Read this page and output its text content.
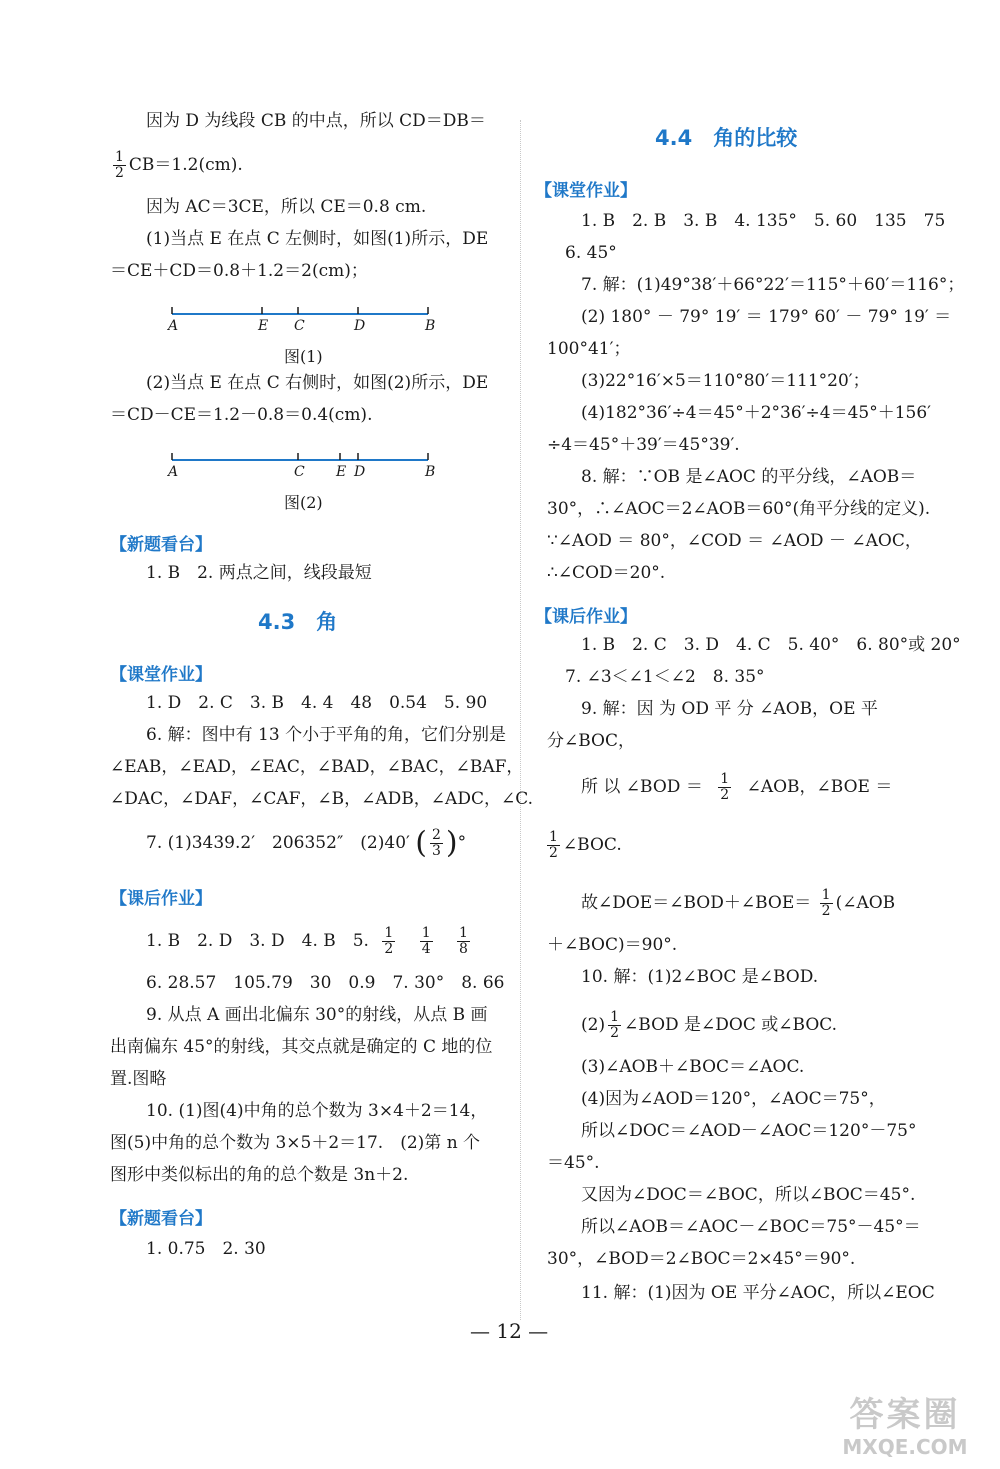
因为 D 为线段 CB 的中点，所以 CD＝DB＝
$\frac{1}{2} CB=1.2(cm)$.
因为 AC＝3CE，所以 CE＝0.8 cm.
(1)当点 E 在点 C 左侧时，如图(1)所示，DE
＝CE＋CD＝0.8＋1.2＝2(cm)；
A	E C	D	B
图(1)
(2)当点 E 在点 C 右侧时，如图(2)所示，DE
＝CD－CE＝1.2－0.8＝0.4(cm).
A	C E D	B
图(2)
【新题看台】
1. B　2. 两点之间，线段最短
4.3　角
【课堂作业】
1. D　2. C　3. B　4. 4　48　0.54　5. 90
6. 解：图中有 13 个小于平角的角，它们分别是
∠EAB，∠EAD，∠EAC，∠BAD，∠BAC，∠BAF，
∠DAC，∠DAF，∠CAF，∠B，∠ADB，∠ADC，∠C.
7. (1)3439.2′　206352″　(2)40′ ( $\frac{2}{3}$ )°
【课后作业】
1. B　2. D　3. D　4. B　5. $\frac{1}{2}$
$\frac{1}{4}$
$\frac{1}{8}$
6. 28.57　105.79　30　0.9　7. 30°　8. 66
9. 从点 A 画出北偏东 30°的射线，从点 B 画
出南偏东 45°的射线，其交点就是确定的 C 地的位
置.图略
10. (1)图(4)中角的总个数为 3×4＋2＝14，
图(5)中角的总个数为 3×5＋2＝17.　(2)第 n 个
图形中类似标出的角的总个数是 3n＋2.
【新题看台】
1. 0.75　2. 30
4.4　角的比较
【课堂作业】
1. B　2. B　3. B　4. 135°　5. 60　135　75
6. 45°
7. 解：(1)49°38′＋66°22′＝115°＋60′＝116°；
(2) 180° － 79° 19′ ＝ 179° 60′ － 79° 19′ ＝
100°41′；
(3)22°16′×5＝110°80′＝111°20′；
(4)182°36′÷4＝45°＋2°36′÷4＝45°＋156′
÷4＝45°＋39′＝45°39′.
8. 解：∵OB 是∠AOC 的平分线，∠AOB＝
30°，∴∠AOC＝2∠AOB＝60°(角平分线的定义).
∵∠AOD ＝ 80°，∠COD ＝ ∠AOD － ∠AOC，
∴∠COD＝20°.
【课后作业】
1. B　2. C　3. D　4. C　5. 40°　6. 80°或 20°
7. ∠3＜∠1＜∠2　8. 35°
9. 解：因 为 OD 平 分 ∠AOB，OE 平
分∠BOC，
所 以 ∠BOD ＝ $\frac{1}{2}$ ∠AOB，∠BOE ＝
$\frac{1}{2}$ ∠BOC.
故∠DOE＝∠BOD＋∠BOE＝ $\frac{1}{2}$ (∠AOB
＋∠BOC)＝90°.
10. 解：(1)2∠BOC 是∠BOD.
$(2) \frac{1}{2}$ ∠BOD 是∠DOC 或∠BOC.
(3)∠AOB＋∠BOC＝∠AOC.
(4)因为∠AOD＝120°，∠AOC＝75°，
所以∠DOC＝∠AOD－∠AOC＝120°－75°
＝45°.
又因为∠DOC＝∠BOC，所以∠BOC＝45°.
所以∠AOB＝∠AOC－∠BOC＝75°－45°＝
30°，∠BOD＝2∠BOC＝2×45°＝90°.
11. 解：(1)因为 OE 平分∠AOC，所以∠EOC
— 12 —
答案圈
MXQE.COM
